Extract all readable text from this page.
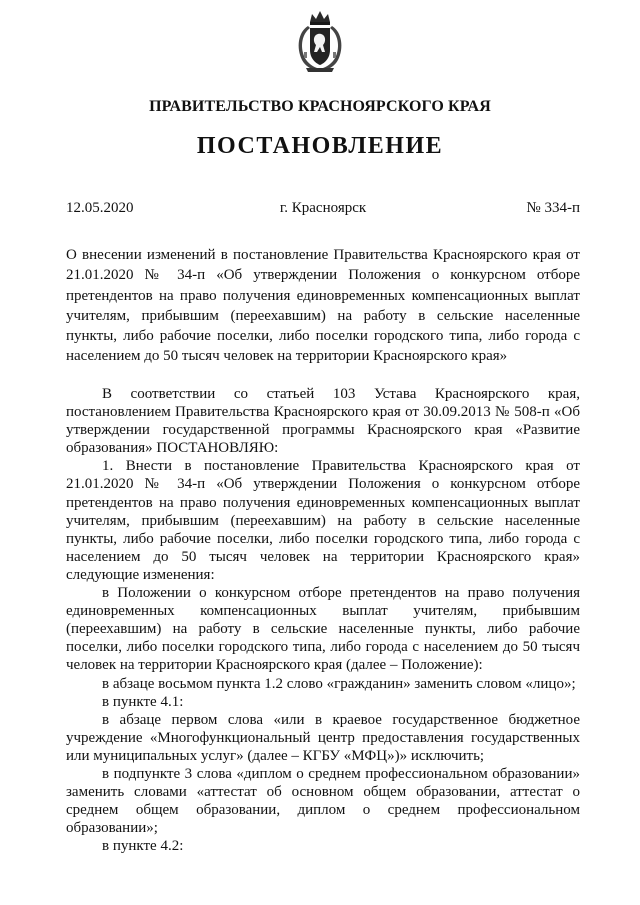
ПРАВИТЕЛЬСТВО КРАСНОЯРСКОГО КРАЯ
ПОСТАНОВЛЕНИЕ
г. Красноярск
12.05.2020	№ 334-п
О внесении изменений в постановление Правительства Красноярского края от 21.01.2020 № 34-п «Об утверждении Положения о конкурсном отборе претендентов на право получения единовременных компенсационных выплат учителям, прибывшим (переехавшим) на работу в сельские населенные пункты, либо рабочие поселки, либо поселки городского типа, либо города с населением до 50 тысяч человек на территории Красноярского края»

В соответствии со статьей 103 Устава Красноярского края, постановлением Правительства Красноярского края от 30.09.2013 № 508-п «Об утверждении государственной программы Красноярского края «Развитие образования» ПОСТАНОВЛЯЮ:

1. Внести в постановление Правительства Красноярского края от 21.01.2020 № 34-п «Об утверждении Положения о конкурсном отборе претендентов на право получения единовременных компенсационных выплат учителям, прибывшим (переехавшим) на работу в сельские населенные пункты, либо рабочие поселки, либо поселки городского типа, либо города с населением до 50 тысяч человек на территории Красноярского края» следующие изменения:

в Положении о конкурсном отборе претендентов на право получения единовременных компенсационных выплат учителям, прибывшим (переехавшим) на работу в сельские населенные пункты, либо рабочие поселки, либо поселки городского типа, либо города с населением до 50 тысяч человек на территории Красноярского края (далее – Положение):

в абзаце восьмом пункта 1.2 слово «гражданин» заменить словом «лицо»;

в пункте 4.1:

в абзаце первом слова «или в краевое государственное бюджетное учреждение «Многофункциональный центр предоставления государственных или муниципальных услуг» (далее – КГБУ «МФЦ»)» исключить;

в подпункте 3 слова «диплом о среднем профессиональном образовании» заменить словами «аттестат об основном общем образовании, аттестат о среднем общем образовании, диплом о среднем профессиональном образовании»;

в пункте 4.2:
